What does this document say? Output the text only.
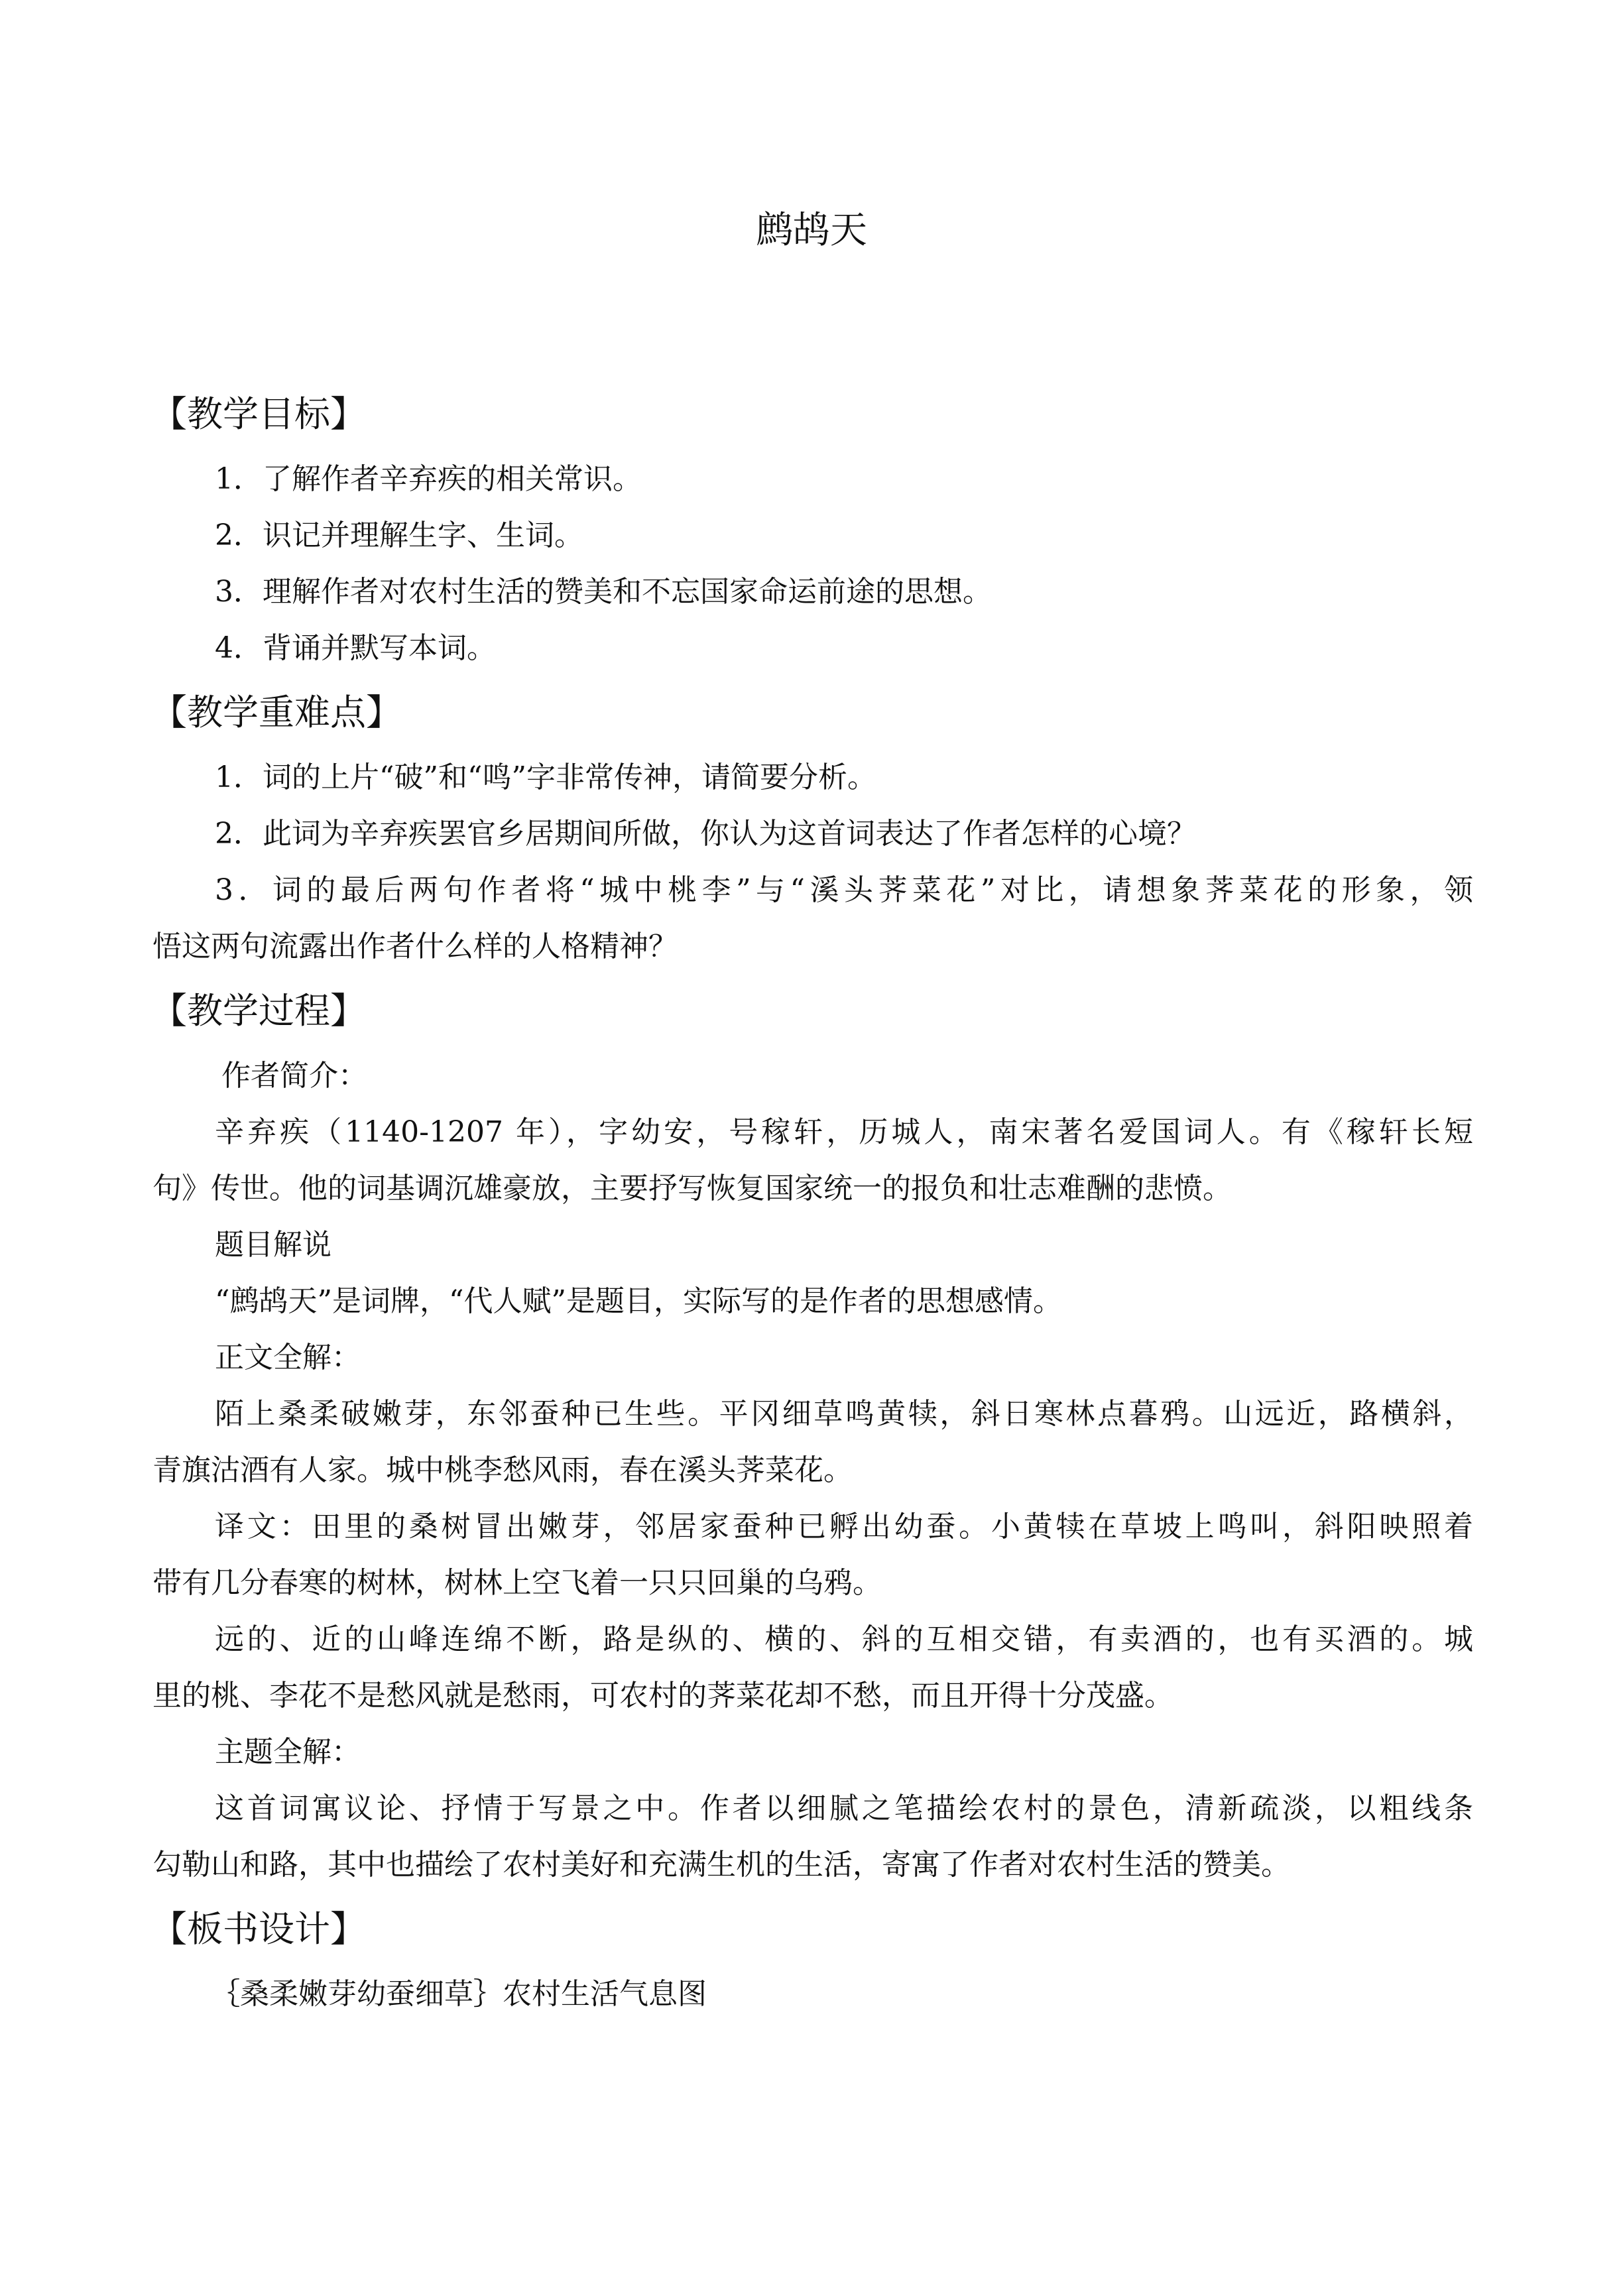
鹧鸪天
【教学目标】
1．了解作者辛弃疾的相关常识。
2．识记并理解生字、生词。
3．理解作者对农村生活的赞美和不忘国家命运前途的思想。
4．背诵并默写本词。
【教学重难点】
1．词的上片“破”和“鸣”字非常传神，请简要分析。
2．此词为辛弃疾罢官乡居期间所做，你认为这首词表达了作者怎样的心境？
3．词的最后两句作者将“城中桃李”与“溪头荠菜花”对比，请想象荠菜花的形象，领
悟这两句流露出作者什么样的人格精神？
【教学过程】
作者简介：
辛弃疾（1140-1207 年），字幼安，号稼轩，历城人，南宋著名爱国词人。有《稼轩长短
句》传世。他的词基调沉雄豪放，主要抒写恢复国家统一的报负和壮志难酬的悲愤。
题目解说
“鹧鸪天”是词牌，“代人赋”是题目，实际写的是作者的思想感情。
正文全解：
陌上桑柔破嫩芽，东邻蚕种已生些。平冈细草鸣黄犊，斜日寒林点暮鸦。山远近，路横斜，
青旗沽酒有人家。城中桃李愁风雨，春在溪头荠菜花。
译文：田里的桑树冒出嫩芽，邻居家蚕种已孵出幼蚕。小黄犊在草坡上鸣叫，斜阳映照着
带有几分春寒的树林，树林上空飞着一只只回巢的乌鸦。
远的、近的山峰连绵不断，路是纵的、横的、斜的互相交错，有卖酒的，也有买酒的。城
里的桃、李花不是愁风就是愁雨，可农村的荠菜花却不愁，而且开得十分茂盛。
主题全解：
这首词寓议论、抒情于写景之中。作者以细腻之笔描绘农村的景色，清新疏淡，以粗线条
勾勒山和路，其中也描绘了农村美好和充满生机的生活，寄寓了作者对农村生活的赞美。
【板书设计】
｛桑柔嫩芽幼蚕细草｝农村生活气息图
